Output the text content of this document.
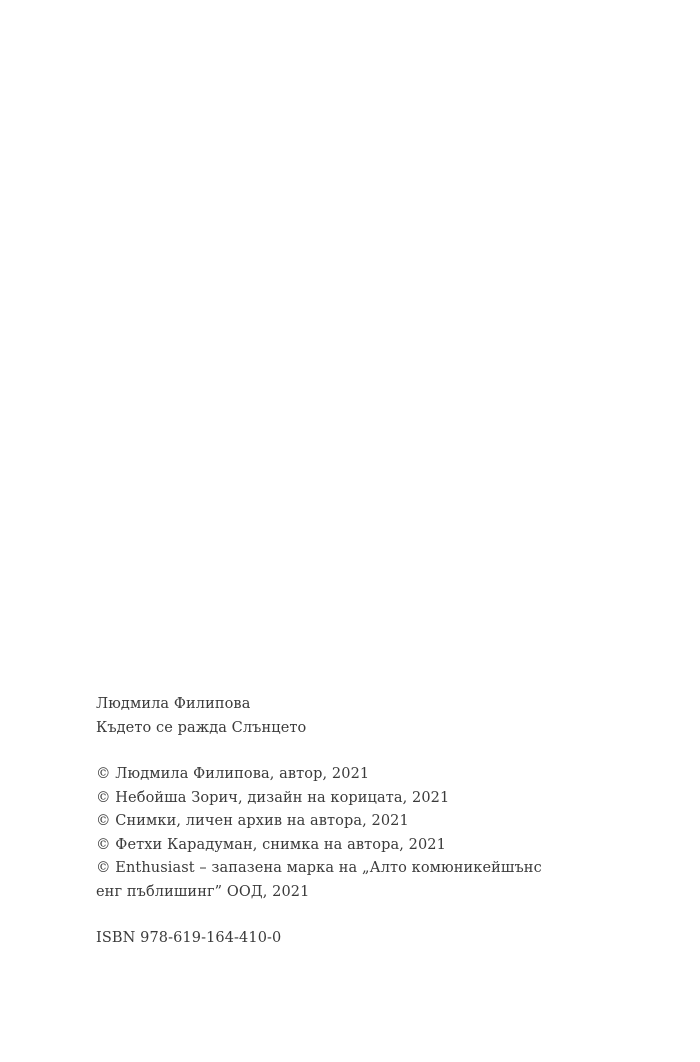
Людмила Филипова
Където се ражда Слънцето
© Людмила Филипова, автор, 2021
© Небойша Зорич, дизайн на корицата, 2021
© Снимки, личен архив на автора, 2021
© Фетхи Карадуман, снимка на автора, 2021
© Enthusiast – запазена марка на „Алто комюникейшънс
енг пъблишинг” ООД, 2021
ISBN 978-619-164-410-0
